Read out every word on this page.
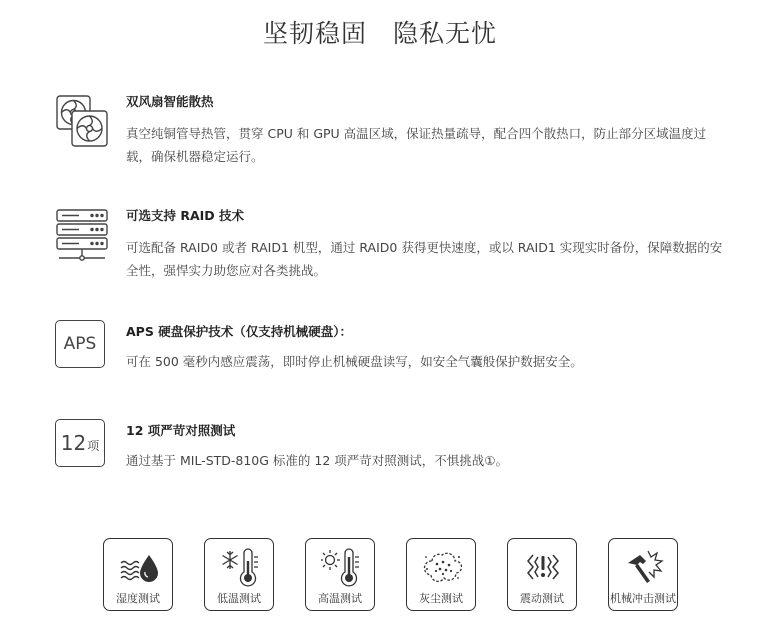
坚韧稳固　隐私无忧
双风扇智能散热
真空纯铜管导热管，贯穿 CPU 和 GPU 高温区域，保证热量疏导，配合四个散热口，防止部分区域温度过载，确保机器稳定运行。
可选支持 RAID 技术
可选配备 RAID0 或者 RAID1 机型，通过 RAID0 获得更快速度，或以 RAID1 实现实时备份，保障数据的安全性，强悍实力助您应对各类挑战。
APS
APS 硬盘保护技术（仅支持机械硬盘）：
可在 500 毫秒内感应震荡，即时停止机械硬盘读写，如安全气囊般保护数据安全。
12项
12 项严苛对照测试
通过基于 MIL-STD-810G 标准的 12 项严苛对照测试，不惧挑战①。
湿度测试	低温测试	高温测试	灰尘测试	震动测试	机械冲击测试
